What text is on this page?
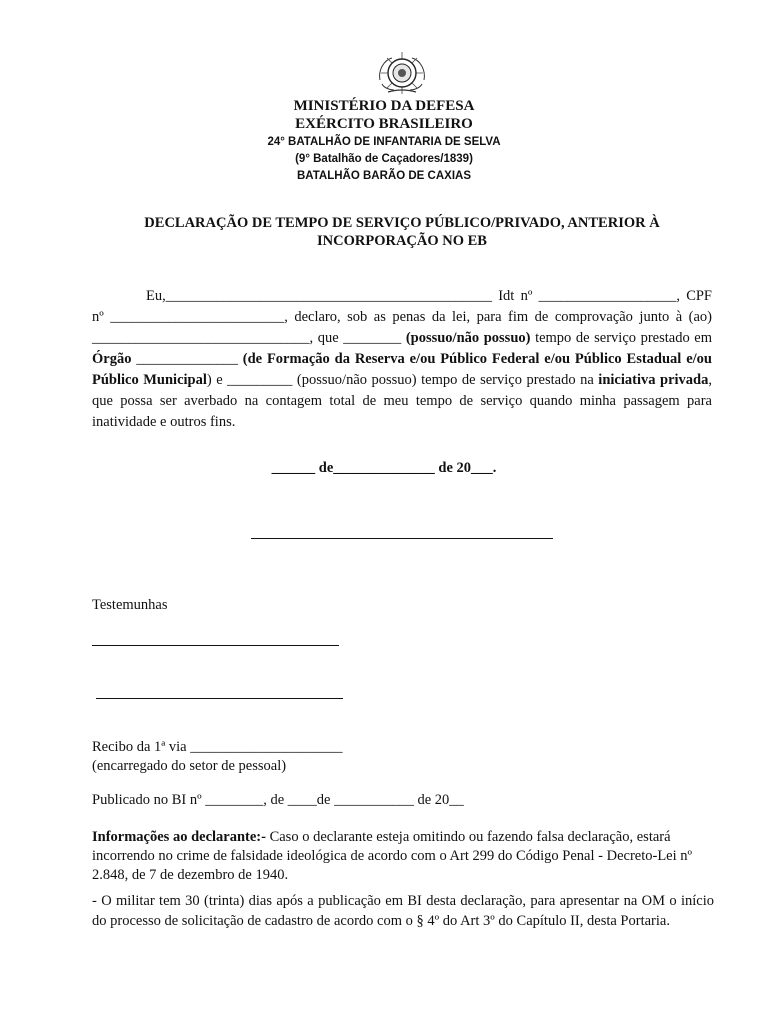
MINISTÉRIO DA DEFESA
EXÉRCITO BRASILEIRO
24° BATALHÃO DE INFANTARIA DE SELVA
(9° Batalhão de Caçadores/1839)
BATALHÃO BARÃO DE CAXIAS
DECLARAÇÃO DE TEMPO DE SERVIÇO PÚBLICO/PRIVADO, ANTERIOR À
INCORPORAÇÃO NO EB
Eu,_____________________________________________ Idt nº ___________________, CPF nº ________________________, declaro, sob as penas da lei, para fim de comprovação junto à (ao) ______________________________, que ________ (possuo/não possuo) tempo de serviço prestado em Órgão ______________ (de Formação da Reserva e/ou Público Federal e/ou Público Estadual e/ou Público Municipal) e _________ (possuo/não possuo) tempo de serviço prestado na iniciativa privada, que possa ser averbado na contagem total de meu tempo de serviço quando minha passagem para inatividade e outros fins.
______ de______________ de 20___.
Testemunhas
Recibo da 1ª via _____________________
(encarregado do setor de pessoal)
Publicado no BI nº ________, de ____de ___________ de 20__
Informações ao declarante:- Caso o declarante esteja omitindo ou fazendo falsa declaração, estará incorrendo no crime de falsidade ideológica de acordo com o Art 299 do Código Penal - Decreto-Lei nº 2.848, de 7 de dezembro de 1940.
- O militar tem 30 (trinta) dias após a publicação em BI desta declaração, para apresentar na OM o início do processo de solicitação de cadastro de acordo com o § 4º do Art 3º do Capítulo II, desta Portaria.
